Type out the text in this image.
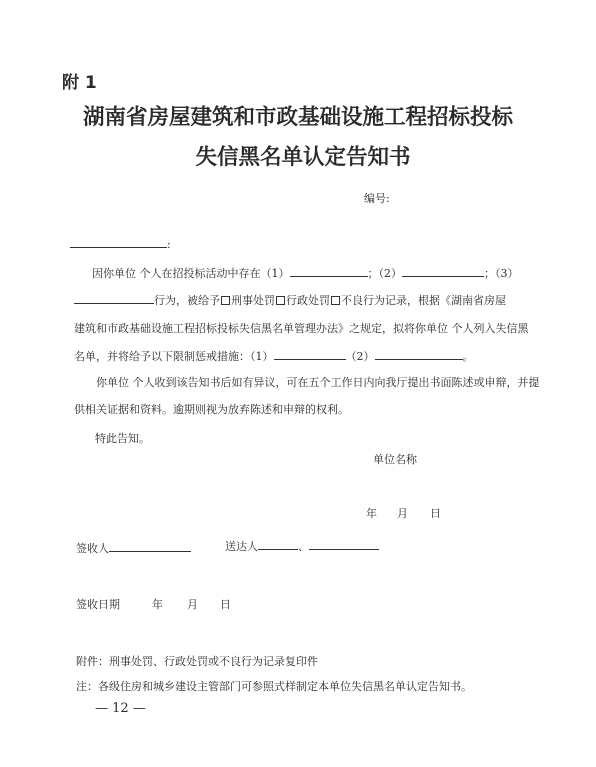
附 1
湖南省房屋建筑和市政基础设施工程招标投标
失信黑名单认定告知书
编号:
:
因你单位 个人在招投标活动中存在（1）	；（2）	；（3）
行为，被给予 刑事处罚 行政处罚 不良行为记录，根据《湖南省房屋
建筑和市政基础设施工程招标投标失信黑名单管理办法》之规定，拟将你单位 个人列入失信黑
名单，并将给予以下限制惩戒措施：（1）	（2）	。
你单位 个人收到该告知书后如有异议，可在五个工作日内向我厅提出书面陈述或申辩，并提
供相关证据和资料。逾期则视为放弃陈述和申辩的权利。
特此告知。
单位名称
年 月 日
签收人	送达人	、
签收日期	年 月 日
附件：刑事处罚、行政处罚或不良行为记录复印件
注：各级住房和城乡建设主管部门可参照式样制定本单位失信黑名单认定告知书。
— 12 —
